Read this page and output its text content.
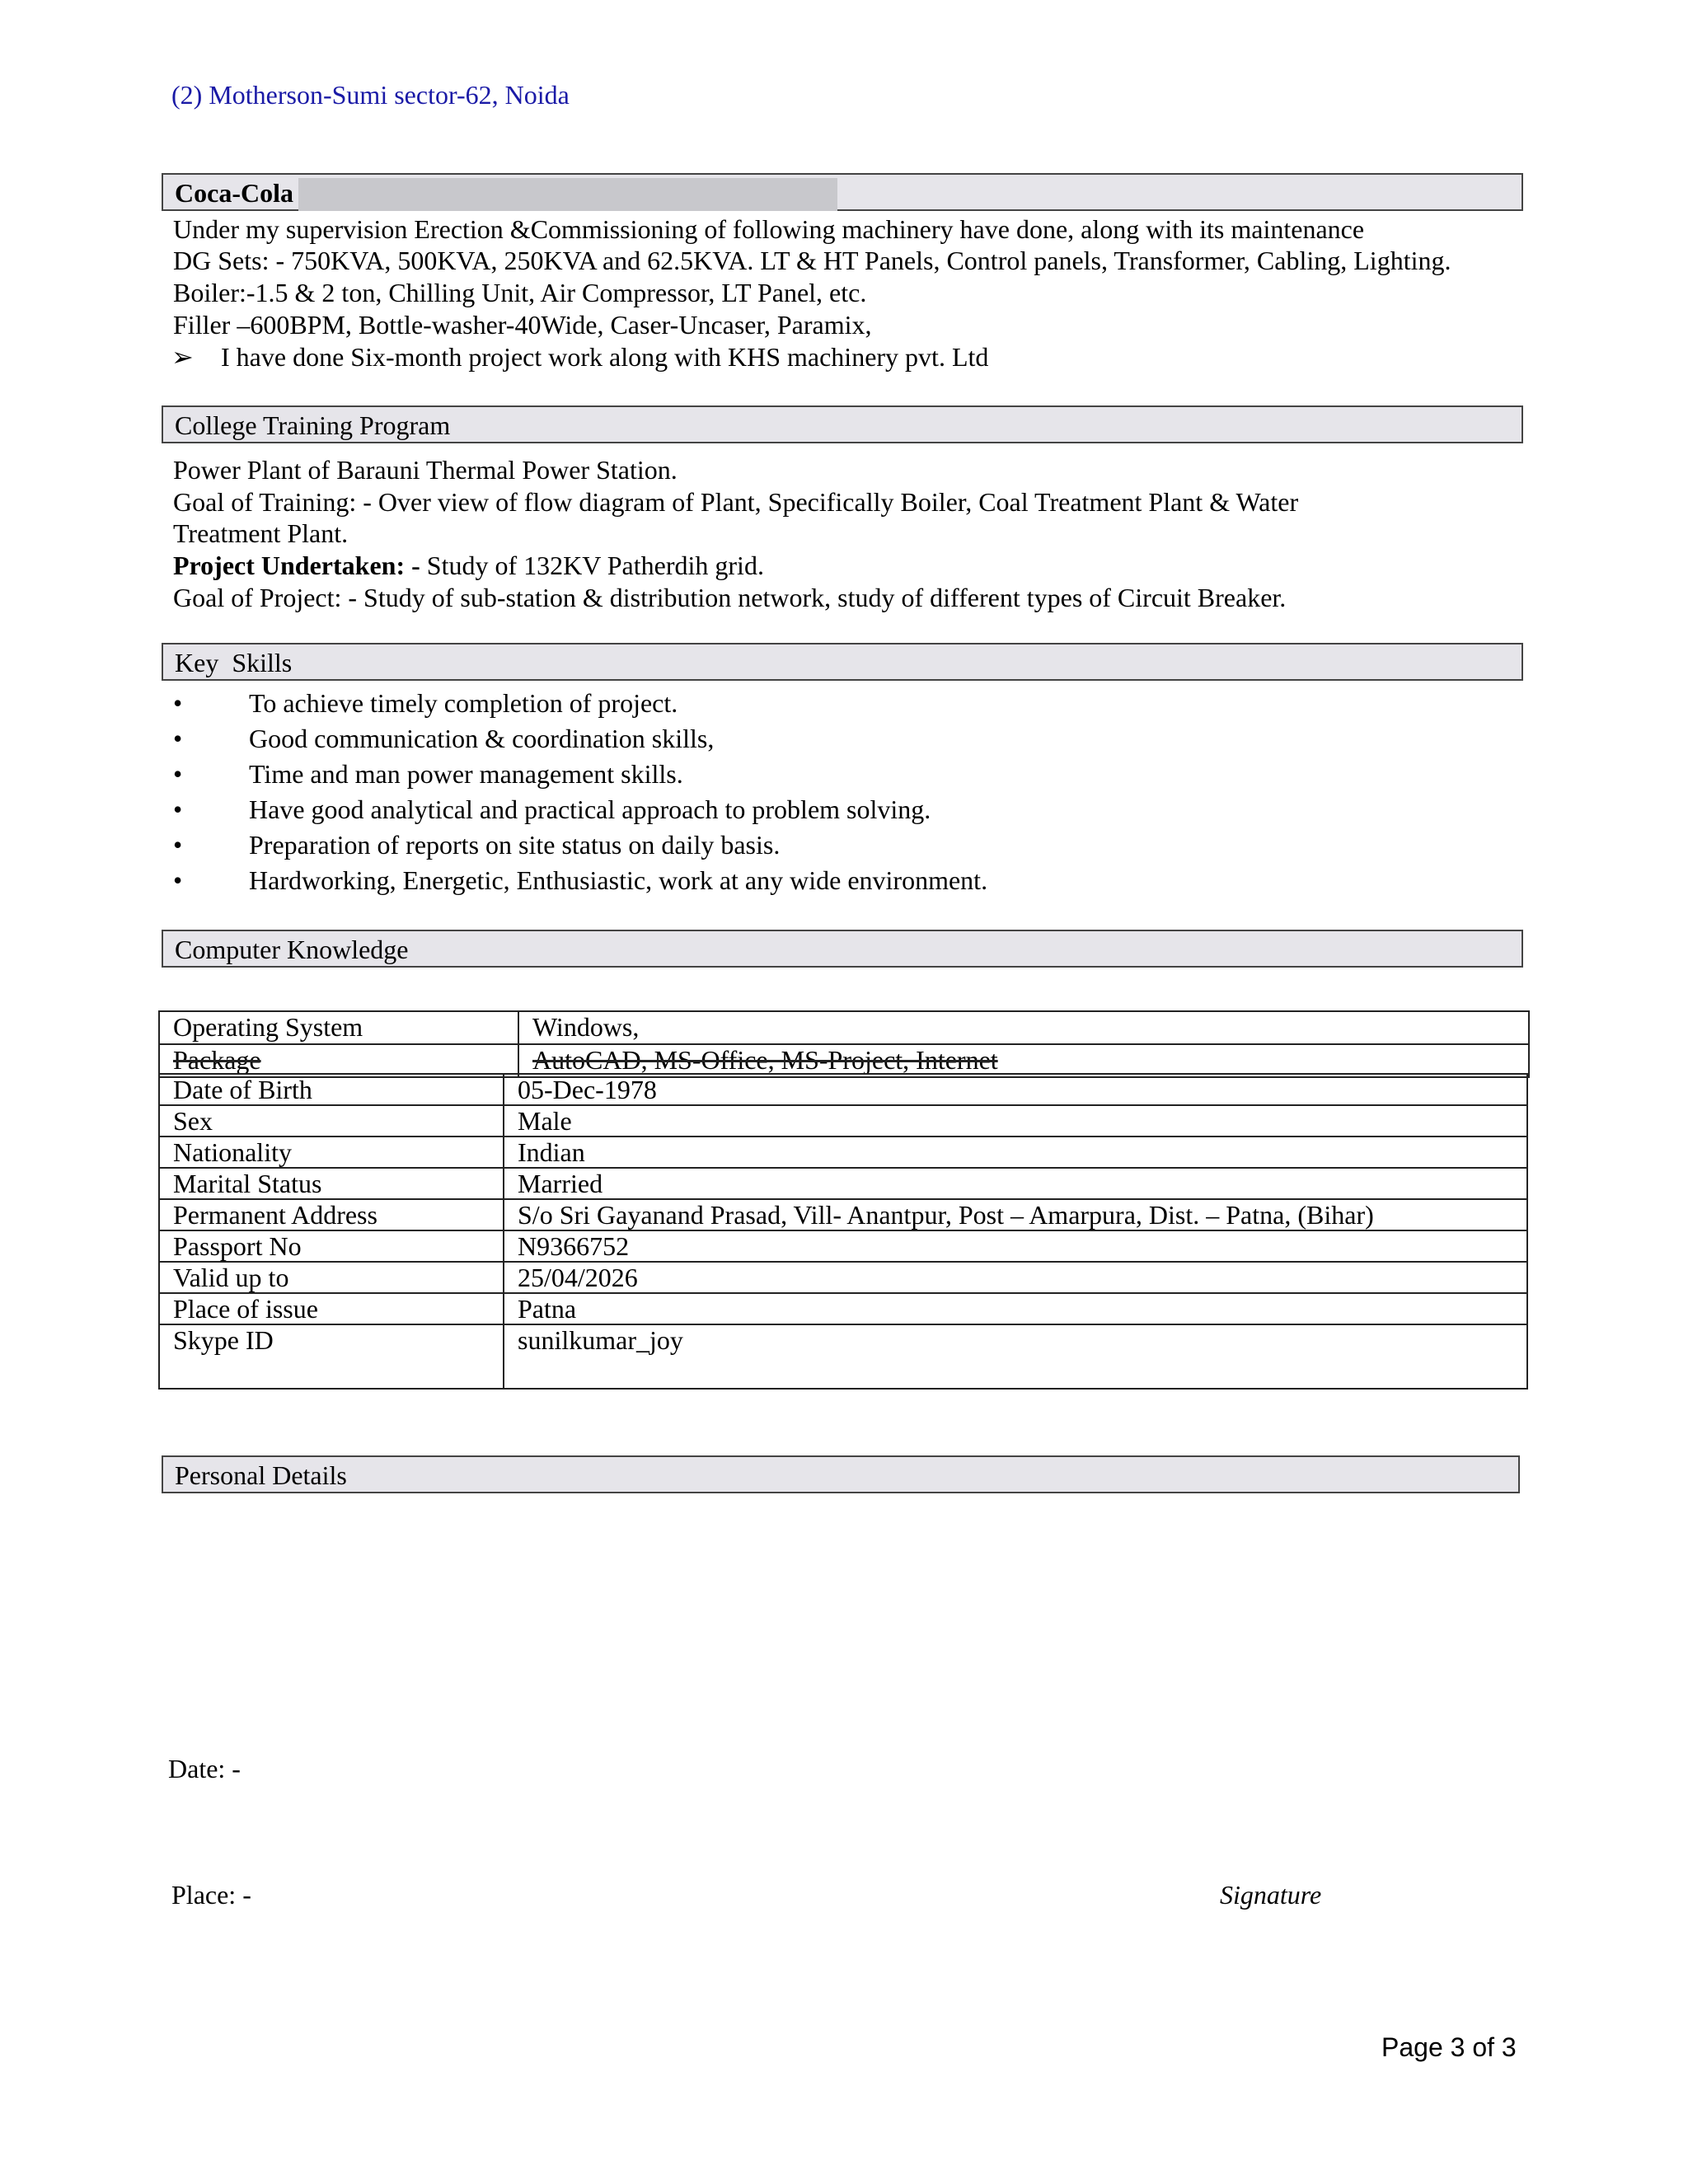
(2) Motherson-Sumi sector-62, Noida
Coca-Cola
Under my supervision Erection &Commissioning of following machinery have done, along with its maintenance
DG Sets: - 750KVA, 500KVA, 250KVA and 62.5KVA. LT & HT Panels, Control panels, Transformer, Cabling, Lighting.
Boiler:-1.5 & 2 ton, Chilling Unit, Air Compressor, LT Panel, etc.
Filler –600BPM, Bottle-washer-40Wide, Caser-Uncaser, Paramix,
➢ I have done Six-month project work along with KHS machinery pvt. Ltd
College Training Program
Power Plant of Barauni Thermal Power Station.
Goal of Training: - Over view of flow diagram of Plant, Specifically Boiler, Coal Treatment Plant & Water
Treatment Plant.
Project Undertaken: - Study of 132KV Patherdih grid.
Goal of Project: - Study of sub-station & distribution network, study of different types of Circuit Breaker.
Key  Skills
•	To achieve timely completion of project.
•	Good communication & coordination skills,
•	Time and man power management skills.
•	Have good analytical and practical approach to problem solving.
•	Preparation of reports on site status on daily basis.
•	Hardworking, Energetic, Enthusiastic, work at any wide environment.
Computer Knowledge
Operating System	Windows,
Package	AutoCAD, MS-Office, MS-Project, Internet
Date of Birth	05-Dec-1978
Sex	Male
Nationality	Indian
Marital Status	Married
Permanent Address	S/o Sri Gayanand Prasad, Vill- Anantpur, Post – Amarpura, Dist. – Patna, (Bihar)
Passport No	N9366752
Valid up to	25/04/2026
Place of issue	Patna
Skype ID	sunilkumar_joy
Personal Details
Date: -
Place: -	Signature
Page 3 of 3
